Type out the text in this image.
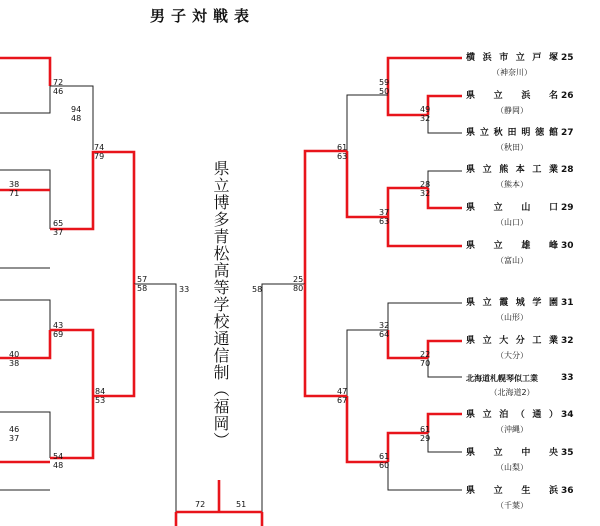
男子対戦表
県立博多青松高等学校通信制（福岡）
72
46
94
48
74
79
38
71
65
37
57
58	33
43
69
40
38
84
53
46
37
54
48
72
59
50
49
32
61
63
28
32
37
63
25
80
58
32
64
22
70
47
67
61
29
61
60
51
横 浜 市 立 戸 塚
（神奈川）
25
県 立 浜 名
（静岡）
26
県 立 秋 田 明 徳 館
（秋田）
27
県 立 熊 本 工 業
（熊本）
28
県 立 山 口
（山口）
29
県 立 雄 峰
（富山）
30
県 立 霞 城 学 園
（山形）
31
県 立 大 分 工 業
（大分）
32
北 海 道 札 幌 琴 似 工 業
（北海道2）
33
県 立 泊 （ 通 ）
（沖縄）
34
県 立 中 央
（山梨）
35
県 立 生 浜
（千葉）
36
